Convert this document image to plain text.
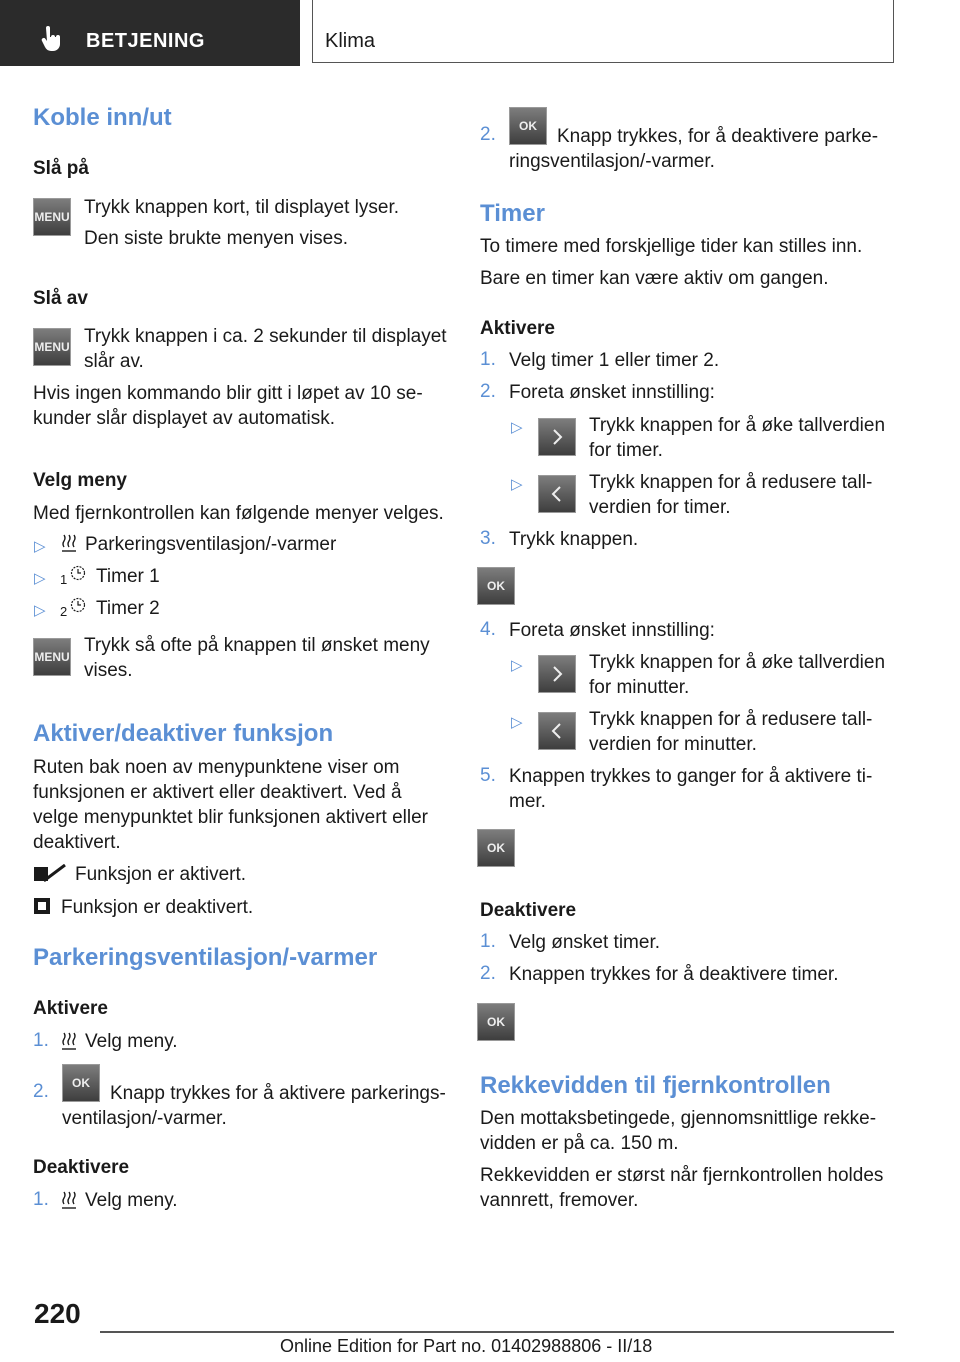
BETJENING	Klima
Koble inn/ut
Slå på
MENU Trykk knappen kort, til displayet lyser.
Den siste brukte menyen vises.
Slå av
MENU Trykk knappen i ca. 2 sekunder til displayet
slår av.
Hvis ingen kommando blir gitt i løpet av 10 se‐
kunder slår displayet av automatisk.
Velg meny
Med fjernkontrollen kan følgende menyer velges.
▷ Parkeringsventilasjon/-varmer
▷ 1 Timer 1
▷ 2 Timer 2
MENU
Trykk så ofte på knappen til ønsket meny
vises.
Aktiver/deaktiver funksjon
Ruten bak noen av menypunktene viser om
funksjonen er aktivert eller deaktivert. Ved å
velge menypunktet blir funksjonen aktivert eller
deaktivert.
Funksjon er aktivert.
Funksjon er deaktivert.
Parkeringsventilasjon/-varmer
Aktivere
1. Velg meny.
2.	OK	Knapp trykkes for å aktivere parkerings‐
ventilasjon/-varmer.
Deaktivere
1. Velg meny.
2.	OK	Knapp trykkes, for å deaktivere parke‐
ringsventilasjon/-varmer.
Timer
To timere med forskjellige tider kan stilles inn.
Bare en timer kan være aktiv om gangen.
Aktivere
1. Velg timer 1 eller timer 2.
2. Foreta ønsket innstilling:
▷	Trykk knappen for å øke tallverdien
for timer.
▷	Trykk knappen for å redusere tall‐
verdien for timer.
3. Trykk knappen.
OK
4. Foreta ønsket innstilling:
▷	Trykk knappen for å øke tallverdien
for minutter.
▷	Trykk knappen for å redusere tall‐
verdien for minutter.
5. Knappen trykkes to ganger for å aktivere ti‐
mer.
OK
Deaktivere
1. Velg ønsket timer.
2. Knappen trykkes for å deaktivere timer.
OK
Rekkevidden til fjernkontrollen
Den mottaksbetingede, gjennomsnittlige rekke‐
vidden er på ca. 150 m.
Rekkevidden er størst når fjernkontrollen holdes
vannrett, fremover.
220
Online Edition for Part no. 01402988806 - II/18
